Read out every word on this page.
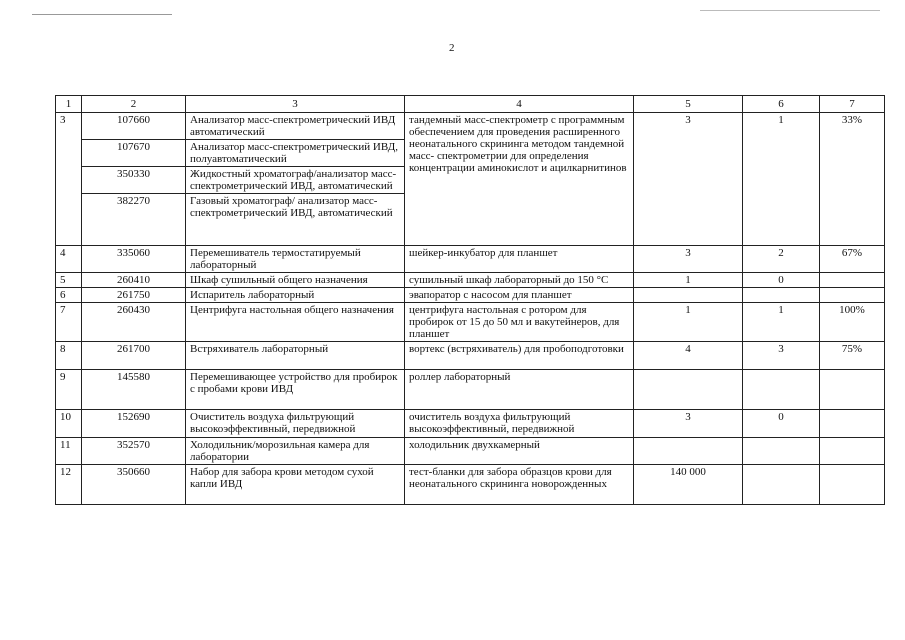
2
1	2	3	4	5	6	7
3	107660	Анализатор масс-спектрометрический ИВД автоматический	тандемный масс-спектрометр с программным обеспечением для проведения расширенного неонатального скрининга методом тандемной масс- спектрометрии для определения концентрации аминокислот и ацилкарнитинов	3	1	33%
	107670	Анализатор масс-спектрометрический ИВД, полуавтоматический				
	350330	Жидкостный хроматограф/анализатор масс-спектрометрический ИВД, автоматический				
	382270	Газовый хроматограф/ анализатор масс-спектрометрический ИВД, автоматический				
4	335060	Перемешиватель термостатируемый лабораторный	шейкер-инкубатор для планшет	3	2	67%
5	260410	Шкаф сушильный общего назначения	сушильный шкаф лабораторный до 150 °С	1	0	
6	261750	Испаритель лабораторный	эвапоратор с насосом для планшет			
7	260430	Центрифуга настольная общего назначения	центрифуга настольная с ротором для пробирок от 15 до 50 мл и вакутейнеров, для планшет	1	1	100%
8	261700	Встряхиватель лабораторный	вортекс (встряхиватель) для пробоподготовки	4	3	75%
9	145580	Перемешивающее устройство для пробирок с пробами крови ИВД	роллер лабораторный			
10	152690	Очиститель воздуха фильтрующий высокоэффективный, передвижной	очиститель воздуха фильтрующий высокоэффективный, передвижной	3	0	
11	352570	Холодильник/морозильная камера для лаборатории	холодильник двухкамерный			
12	350660	Набор для забора крови методом сухой капли ИВД	тест-бланки для забора образцов крови для неонатального скрининга новорожденных	140 000		
